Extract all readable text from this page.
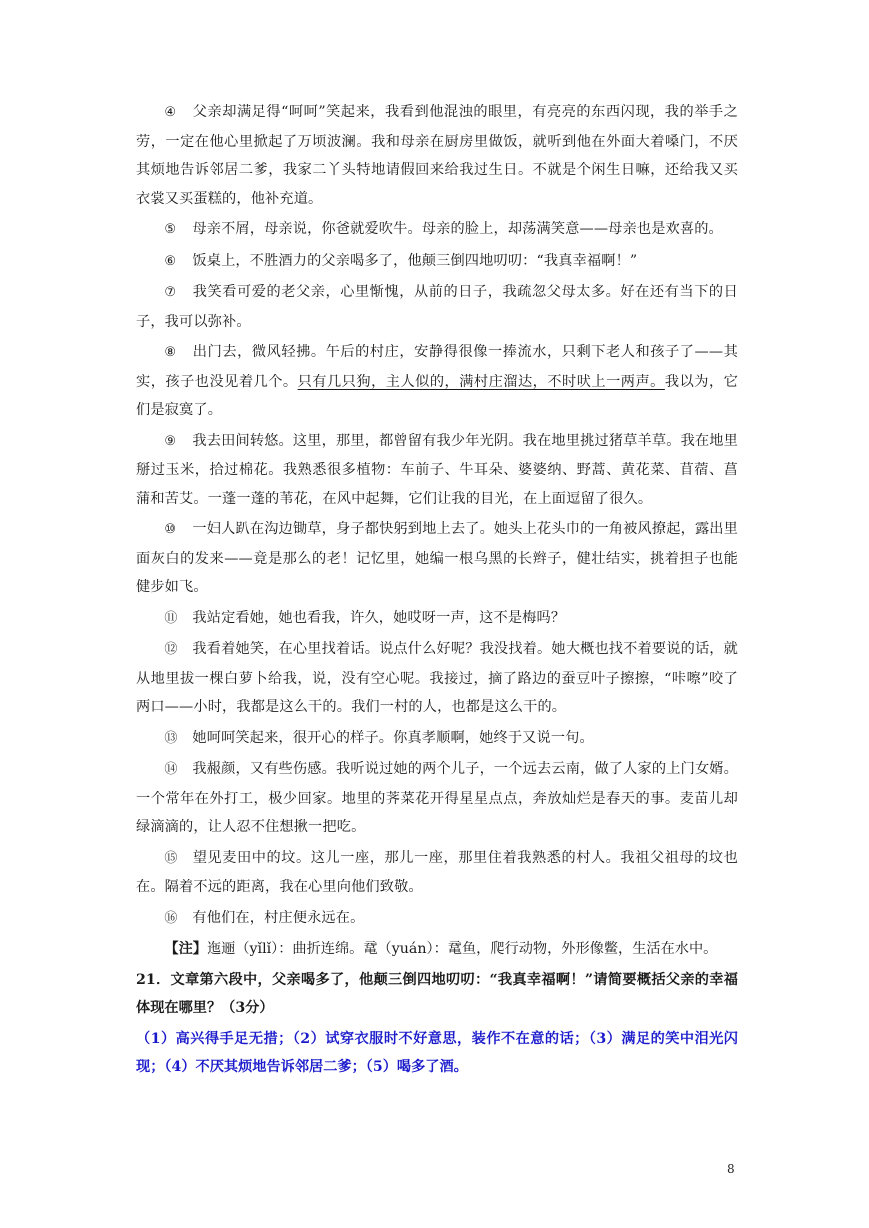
④ 父亲却满足得“呵呵”笑起来，我看到他混浊的眼里，有亮亮的东西闪现，我的举手之劳，一定在他心里掀起了万顷波澜。我和母亲在厨房里做饭，就听到他在外面大着嗓门，不厌其烦地告诉邻居二爹，我家二丫头特地请假回来给我过生日。不就是个闲生日嘛，还给我又买衣裳又买蛋糕的，他补充道。

⑤ 母亲不屑，母亲说，你爸就爱吹牛。母亲的脸上，却荡满笑意——母亲也是欢喜的。

⑥ 饭桌上，不胜酒力的父亲喝多了，他颠三倒四地叨叨：“我真幸福啊！”

⑦ 我笑看可爱的老父亲，心里惭愧，从前的日子，我疏忽父母太多。好在还有当下的日子，我可以弥补。

⑧ 出门去，微风轻拂。午后的村庄，安静得很像一捧流水，只剩下老人和孩子了——其实，孩子也没见着几个。只有几只狗，主人似的，满村庄溜达，不时吠上一两声。我以为，它们是寂寞了。

⑨ 我去田间转悠。这里，那里，都曾留有我少年光阴。我在地里挑过猪草羊草。我在地里掰过玉米，拾过棉花。我熟悉很多植物：车前子、牛耳朵、婆婆纳、野蒿、黄花菜、苜蓿、菖蒲和苦艾。一蓬一蓬的苇花，在风中起舞，它们让我的目光，在上面逗留了很久。

⑩ 一妇人趴在沟边锄草，身子都快躬到地上去了。她头上花头巾的一角被风撩起，露出里面灰白的发来——竟是那么的老！记忆里，她编一根乌黑的长辫子，健壮结实，挑着担子也能健步如飞。

⑪ 我站定看她，她也看我，许久，她哎呀一声，这不是梅吗？

⑫ 我看着她笑，在心里找着话。说点什么好呢？我没找着。她大概也找不着要说的话，就从地里拔一棵白萝卜给我，说，没有空心呢。我接过，摘了路边的蚕豆叶子擦擦，“咔嚓”咬了两口——小时，我都是这么干的。我们一村的人，也都是这么干的。

⑬ 她呵呵笑起来，很开心的样子。你真孝顺啊，她终于又说一句。

⑭ 我赧颜，又有些伤感。我听说过她的两个儿子，一个远去云南，做了人家的上门女婿。一个常年在外打工，极少回家。地里的荠菜花开得星星点点，奔放灿烂是春天的事。麦苗儿却绿滴滴的，让人忍不住想揪一把吃。

⑮ 望见麦田中的坟。这儿一座，那儿一座，那里住着我熟悉的村人。我祖父祖母的坟也在。隔着不远的距离，我在心里向他们致敬。

⑯ 有他们在，村庄便永远在。

【注】迤逦（yǐlǐ）：曲折连绵。鼋（yuán）：鼋鱼，爬行动物，外形像鳖，生活在水中。

21．文章第六段中，父亲喝多了，他颠三倒四地叨叨：“我真幸福啊！”请简要概括父亲的幸福体现在哪里？（3分）

（1）高兴得手足无措；（2）试穿衣服时不好意思，装作不在意的话；（3）满足的笑中泪光闪现；（4）不厌其烦地告诉邻居二爹；（5）喝多了酒。

8
